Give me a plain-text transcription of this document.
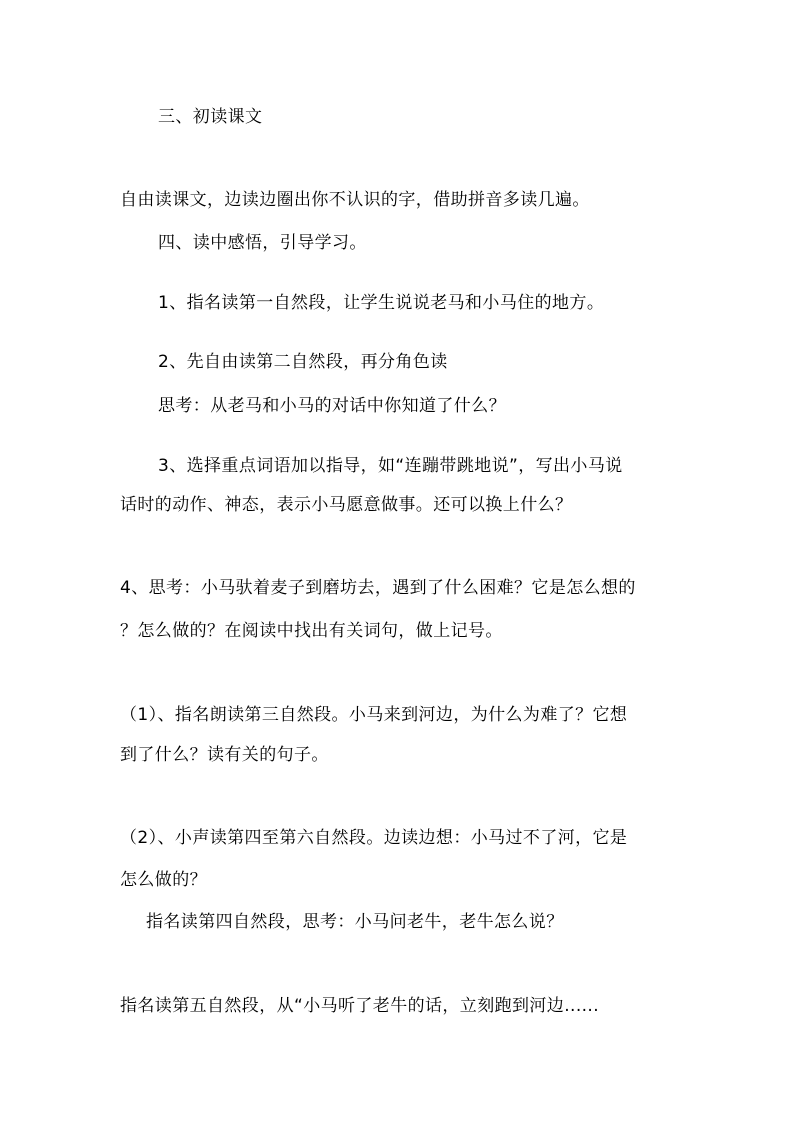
三、初读课文
自由读课文，边读边圈出你不认识的字，借助拼音多读几遍。
四、读中感悟，引导学习。
1、指名读第一自然段，让学生说说老马和小马住的地方。
2、先自由读第二自然段，再分角色读
思考：从老马和小马的对话中你知道了什么？
3、选择重点词语加以指导，如“连蹦带跳地说”，写出小马说
话时的动作、神态，表示小马愿意做事。还可以换上什么？
4、思考：小马驮着麦子到磨坊去，遇到了什么困难？它是怎么想的
？怎么做的？在阅读中找出有关词句，做上记号。
（1）、指名朗读第三自然段。小马来到河边，为什么为难了？它想
到了什么？读有关的句子。
（2）、小声读第四至第六自然段。边读边想：小马过不了河，它是
怎么做的？
指名读第四自然段，思考：小马问老牛，老牛怎么说？
指名读第五自然段，从“小马听了老牛的话，立刻跑到河边......
